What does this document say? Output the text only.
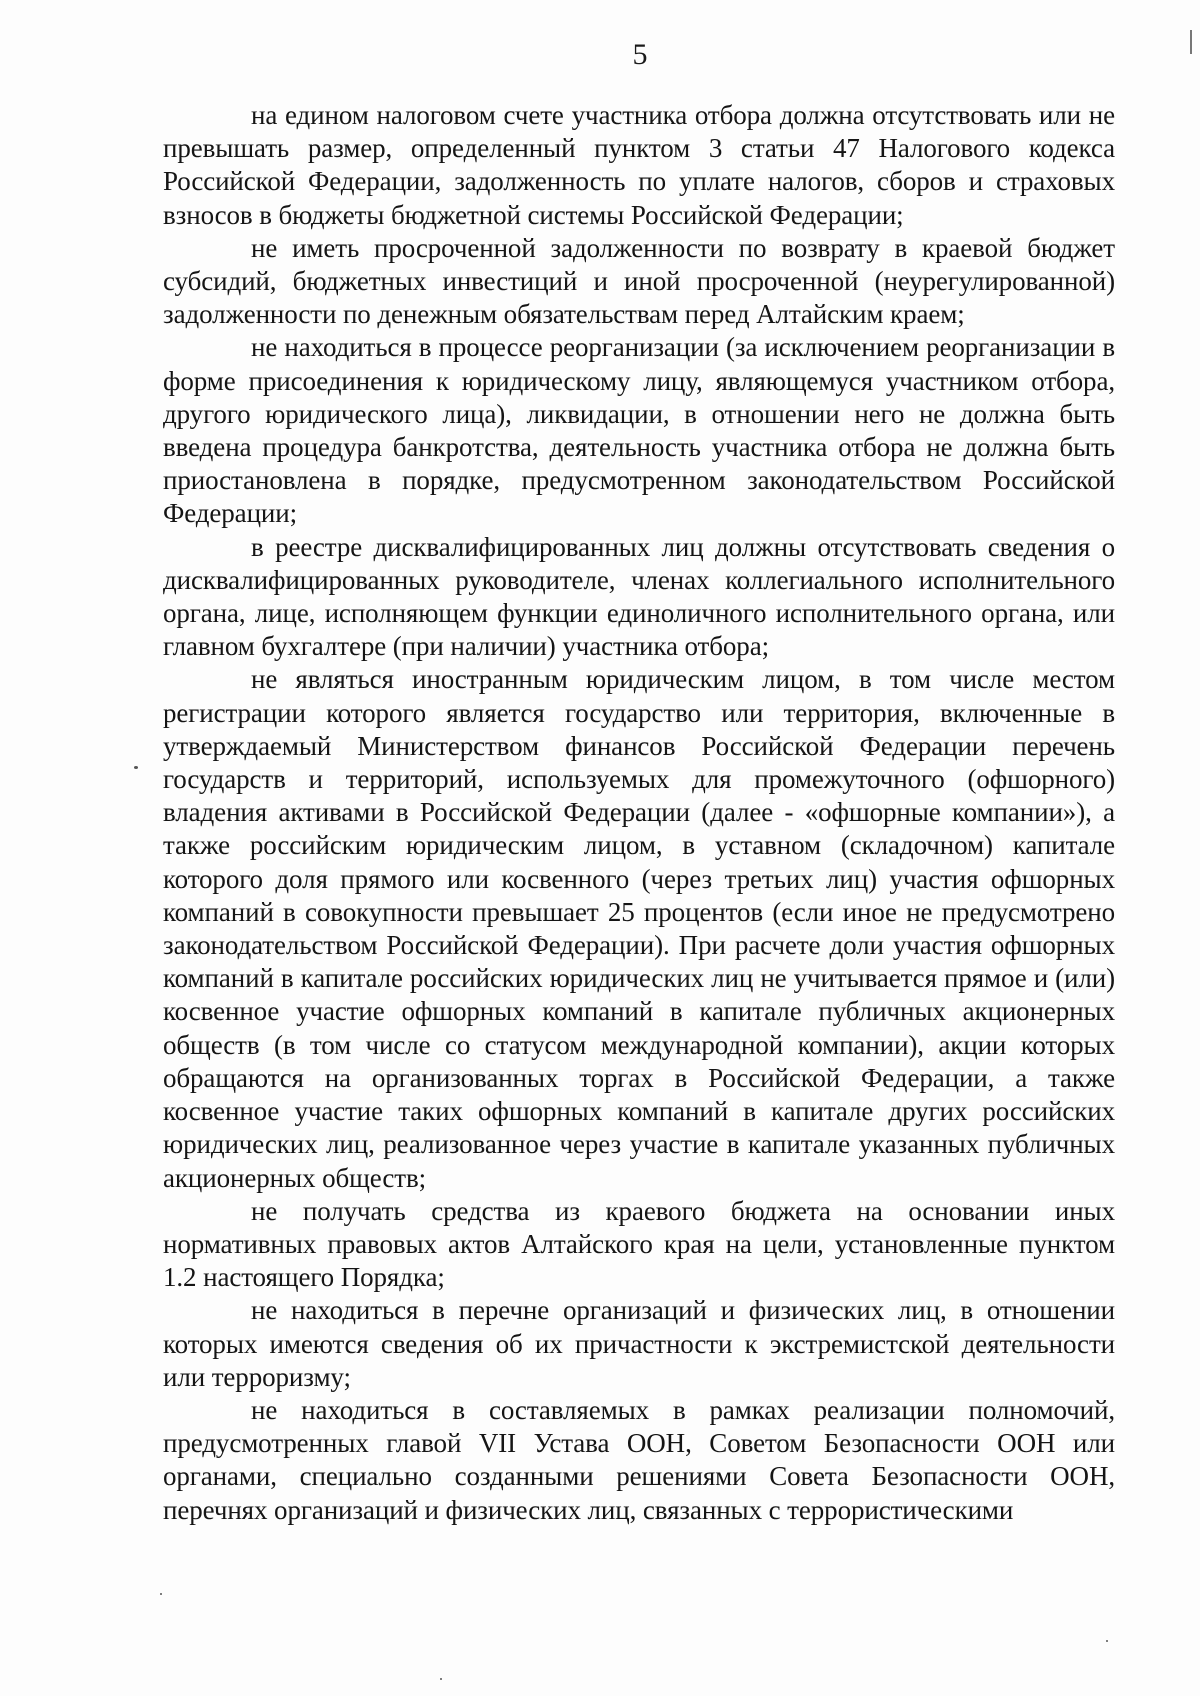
5

на едином налоговом счете участника отбора должна отсутствовать или не превышать размер, определенный пунктом 3 статьи 47 Налогового кодекса Российской Федерации, задолженность по уплате налогов, сборов и страховых взносов в бюджеты бюджетной системы Российской Федерации;

не иметь просроченной задолженности по возврату в краевой бюджет субсидий, бюджетных инвестиций и иной просроченной (неурегулированной) задолженности по денежным обязательствам перед Алтайским краем;

не находиться в процессе реорганизации (за исключением реорганизации в форме присоединения к юридическому лицу, являющемуся участником отбора, другого юридического лица), ликвидации, в отношении него не должна быть введена процедура банкротства, деятельность участника отбора не должна быть приостановлена в порядке, предусмотренном законодательством Российской Федерации;

в реестре дисквалифицированных лиц должны отсутствовать сведения о дисквалифицированных руководителе, членах коллегиального исполнительного органа, лице, исполняющем функции единоличного исполнительного органа, или главном бухгалтере (при наличии) участника отбора;

не являться иностранным юридическим лицом, в том числе местом регистрации которого является государство или территория, включенные в утверждаемый Министерством финансов Российской Федерации перечень государств и территорий, используемых для промежуточного (офшорного) владения активами в Российской Федерации (далее - «офшорные компании»), а также российским юридическим лицом, в уставном (складочном) капитале которого доля прямого или косвенного (через третьих лиц) участия офшорных компаний в совокупности превышает 25 процентов (если иное не предусмотрено законодательством Российской Федерации). При расчете доли участия офшорных компаний в капитале российских юридических лиц не учитывается прямое и (или) косвенное участие офшорных компаний в капитале публичных акционерных обществ (в том числе со статусом международной компании), акции которых обращаются на организованных торгах в Российской Федерации, а также косвенное участие таких офшорных компаний в капитале других российских юридических лиц, реализованное через участие в капитале указанных публичных акционерных обществ;

не получать средства из краевого бюджета на основании иных нормативных правовых актов Алтайского края на цели, установленные пунктом 1.2 настоящего Порядка;

не находиться в перечне организаций и физических лиц, в отношении которых имеются сведения об их причастности к экстремистской деятельности или терроризму;

не находиться в составляемых в рамках реализации полномочий, предусмотренных главой VII Устава ООН, Советом Безопасности ООН или органами, специально созданными решениями Совета Безопасности ООН, перечнях организаций и физических лиц, связанных с террористическими
